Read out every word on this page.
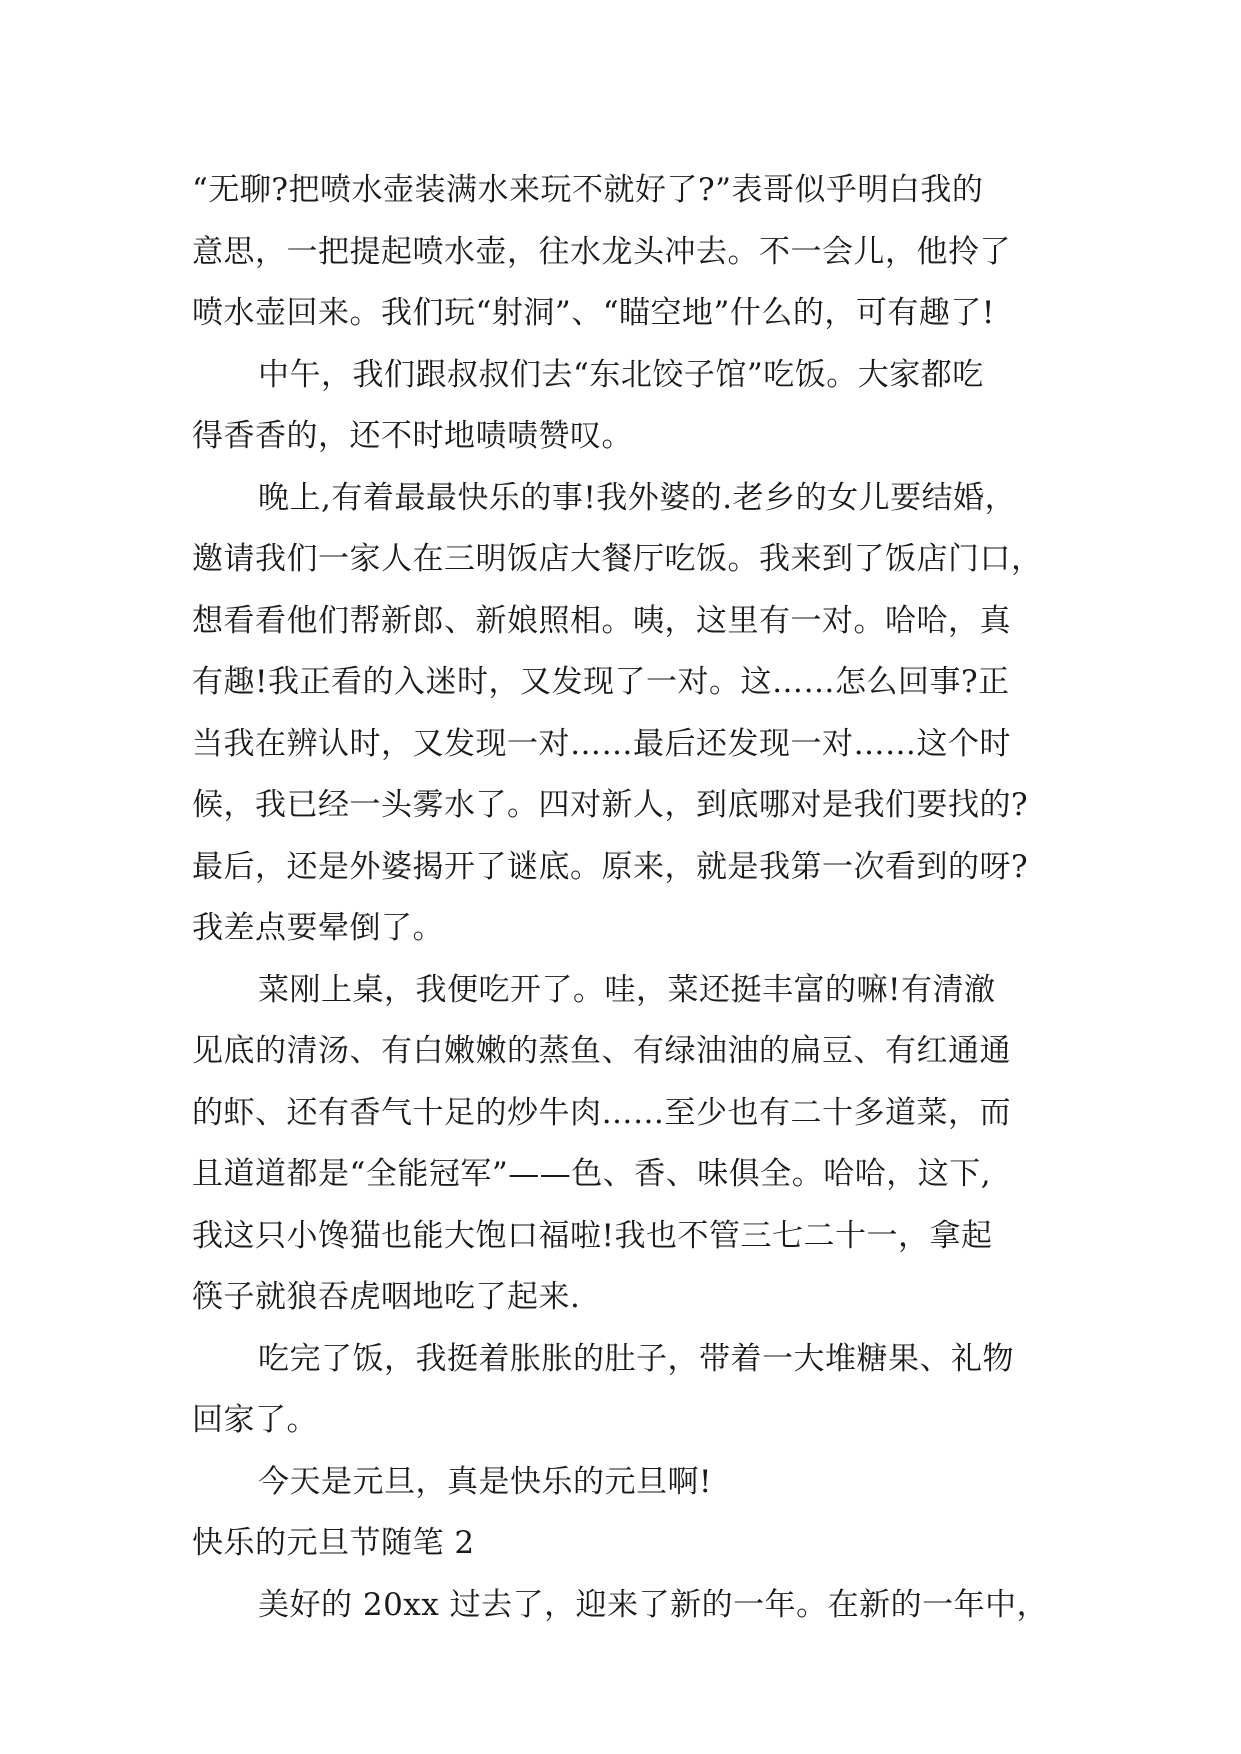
“无聊?把喷水壶装满水来玩不就好了?”表哥似乎明白我的
意思，一把提起喷水壶，往水龙头冲去。不一会儿，他拎了
喷水壶回来。我们玩“射洞”、“瞄空地”什么的，可有趣了!
中午，我们跟叔叔们去“东北饺子馆”吃饭。大家都吃
得香香的，还不时地啧啧赞叹。
晚上,有着最最快乐的事!我外婆的.老乡的女儿要结婚，
邀请我们一家人在三明饭店大餐厅吃饭。我来到了饭店门口，
想看看他们帮新郎、新娘照相。咦，这里有一对。哈哈，真
有趣!我正看的入迷时，又发现了一对。这……怎么回事?正
当我在辨认时，又发现一对……最后还发现一对……这个时
候，我已经一头雾水了。四对新人，到底哪对是我们要找的?
最后，还是外婆揭开了谜底。原来，就是我第一次看到的呀?
我差点要晕倒了。
菜刚上桌，我便吃开了。哇，菜还挺丰富的嘛!有清澈
见底的清汤、有白嫩嫩的蒸鱼、有绿油油的扁豆、有红通通
的虾、还有香气十足的炒牛肉……至少也有二十多道菜，而
且道道都是“全能冠军”——色、香、味俱全。哈哈，这下,
我这只小馋猫也能大饱口福啦!我也不管三七二十一，拿起
筷子就狼吞虎咽地吃了起来.
吃完了饭，我挺着胀胀的肚子，带着一大堆糖果、礼物
回家了。
今天是元旦，真是快乐的元旦啊!
快乐的元旦节随笔 2
美好的 20xx 过去了，迎来了新的一年。在新的一年中，
